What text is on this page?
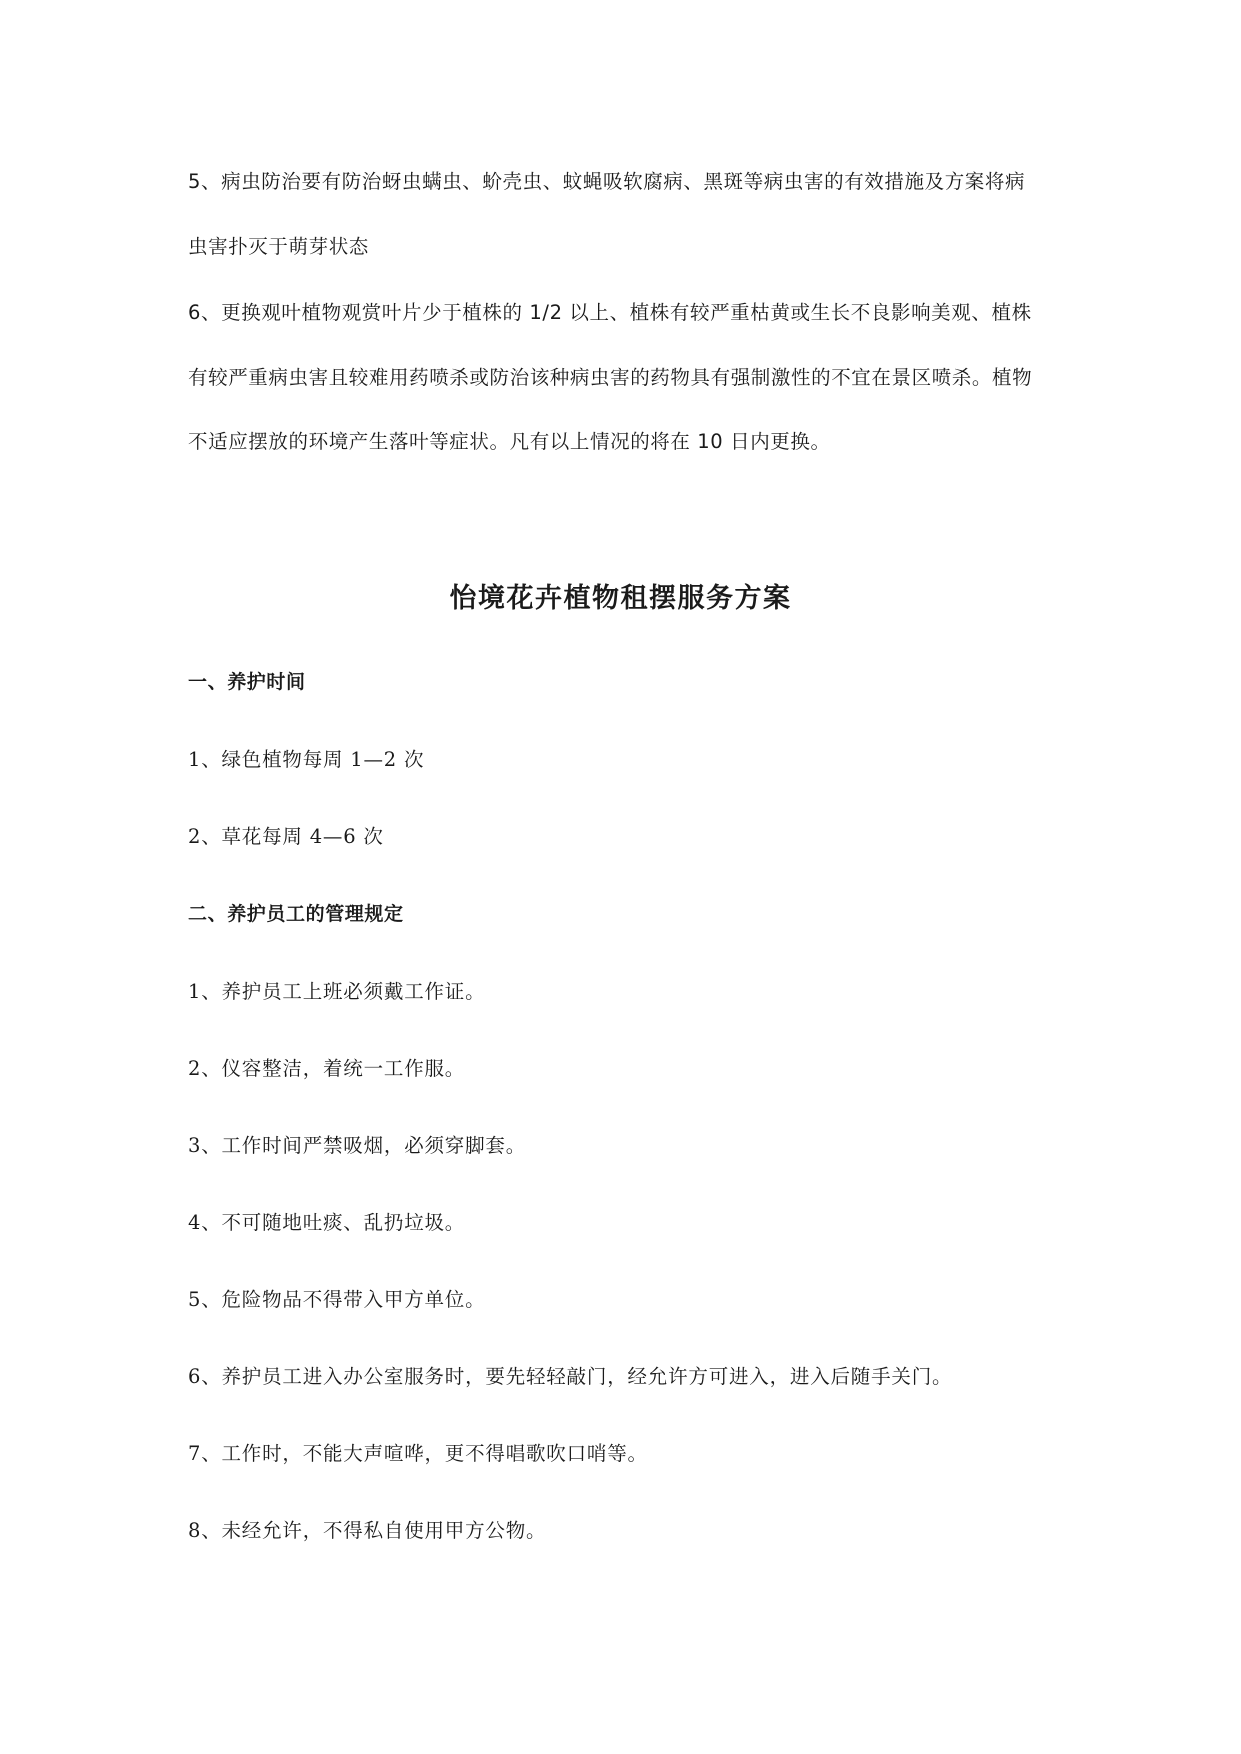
5、病虫防治要有防治蚜虫螨虫、蚧壳虫、蚊蝇吸软腐病、黑斑等病虫害的有效措施及方案将病
虫害扑灭于萌芽状态
6、更换观叶植物观赏叶片少于植株的 1/2 以上、植株有较严重枯黄或生长不良影响美观、植株
有较严重病虫害且较难用药喷杀或防治该种病虫害的药物具有强制激性的不宜在景区喷杀。植物
不适应摆放的环境产生落叶等症状。凡有以上情况的将在 10 日内更换。
怡境花卉植物租摆服务方案
一、养护时间
1、绿色植物每周 1—2 次
2、草花每周 4—6 次
二、养护员工的管理规定
1、养护员工上班必须戴工作证。
2、仪容整洁，着统一工作服。
3、工作时间严禁吸烟，必须穿脚套。
4、不可随地吐痰、乱扔垃圾。
5、危险物品不得带入甲方单位。
6、养护员工进入办公室服务时，要先轻轻敲门，经允许方可进入，进入后随手关门。
7、工作时，不能大声喧哗，更不得唱歌吹口哨等。
8、未经允许，不得私自使用甲方公物。
